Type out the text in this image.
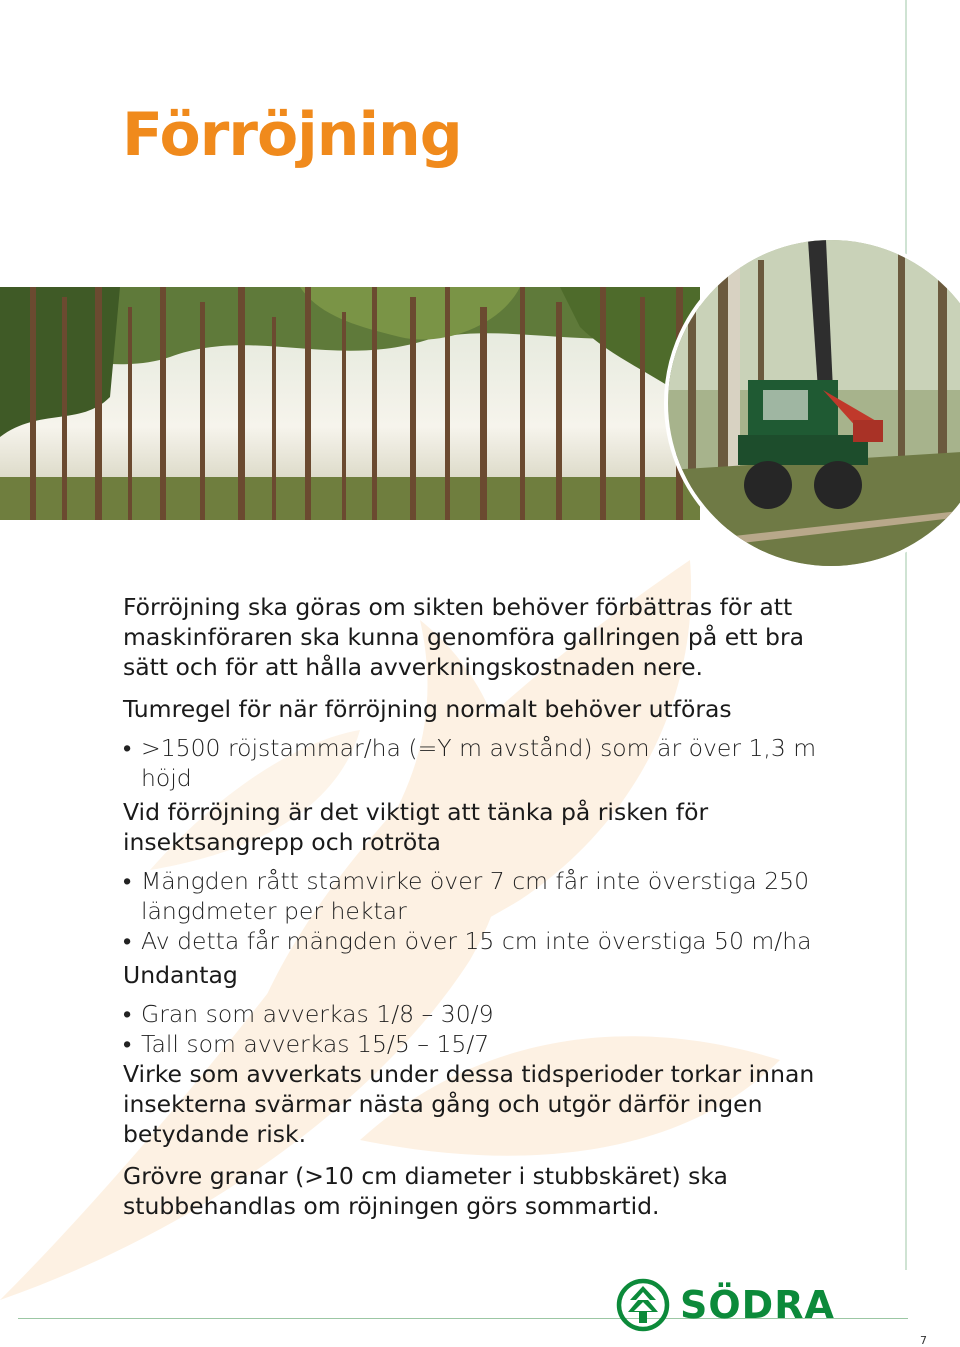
Förröjning

Förröjning ska göras om sikten behöver förbättras för att maskinföraren ska kunna genomföra gallringen på ett bra sätt och för att hålla avverkningskostnaden nere.

Tumregel för när förröjning normalt behöver utföras

• >1500 röjstammar/ha (=Y m avstånd) som är över 1,3 m höjd

Vid förröjning är det viktigt att tänka på risken för insektsangrepp och rotröta

• Mängden rått stamvirke över 7 cm får inte överstiga 250 längdmeter per hektar

• Av detta får mängden över 15 cm inte överstiga 50 m/ha

Undantag

• Gran som avverkas 1/8 – 30/9

• Tall som avverkas 15/5 – 15/7

Virke som avverkats under dessa tidsperioder torkar innan insekterna svärmar nästa gång och utgör därför ingen betydande risk.

Grövre granar (>10 cm diameter i stubbskäret) ska stubbehandlas om röjningen görs sommartid.

SÖDRA
7
